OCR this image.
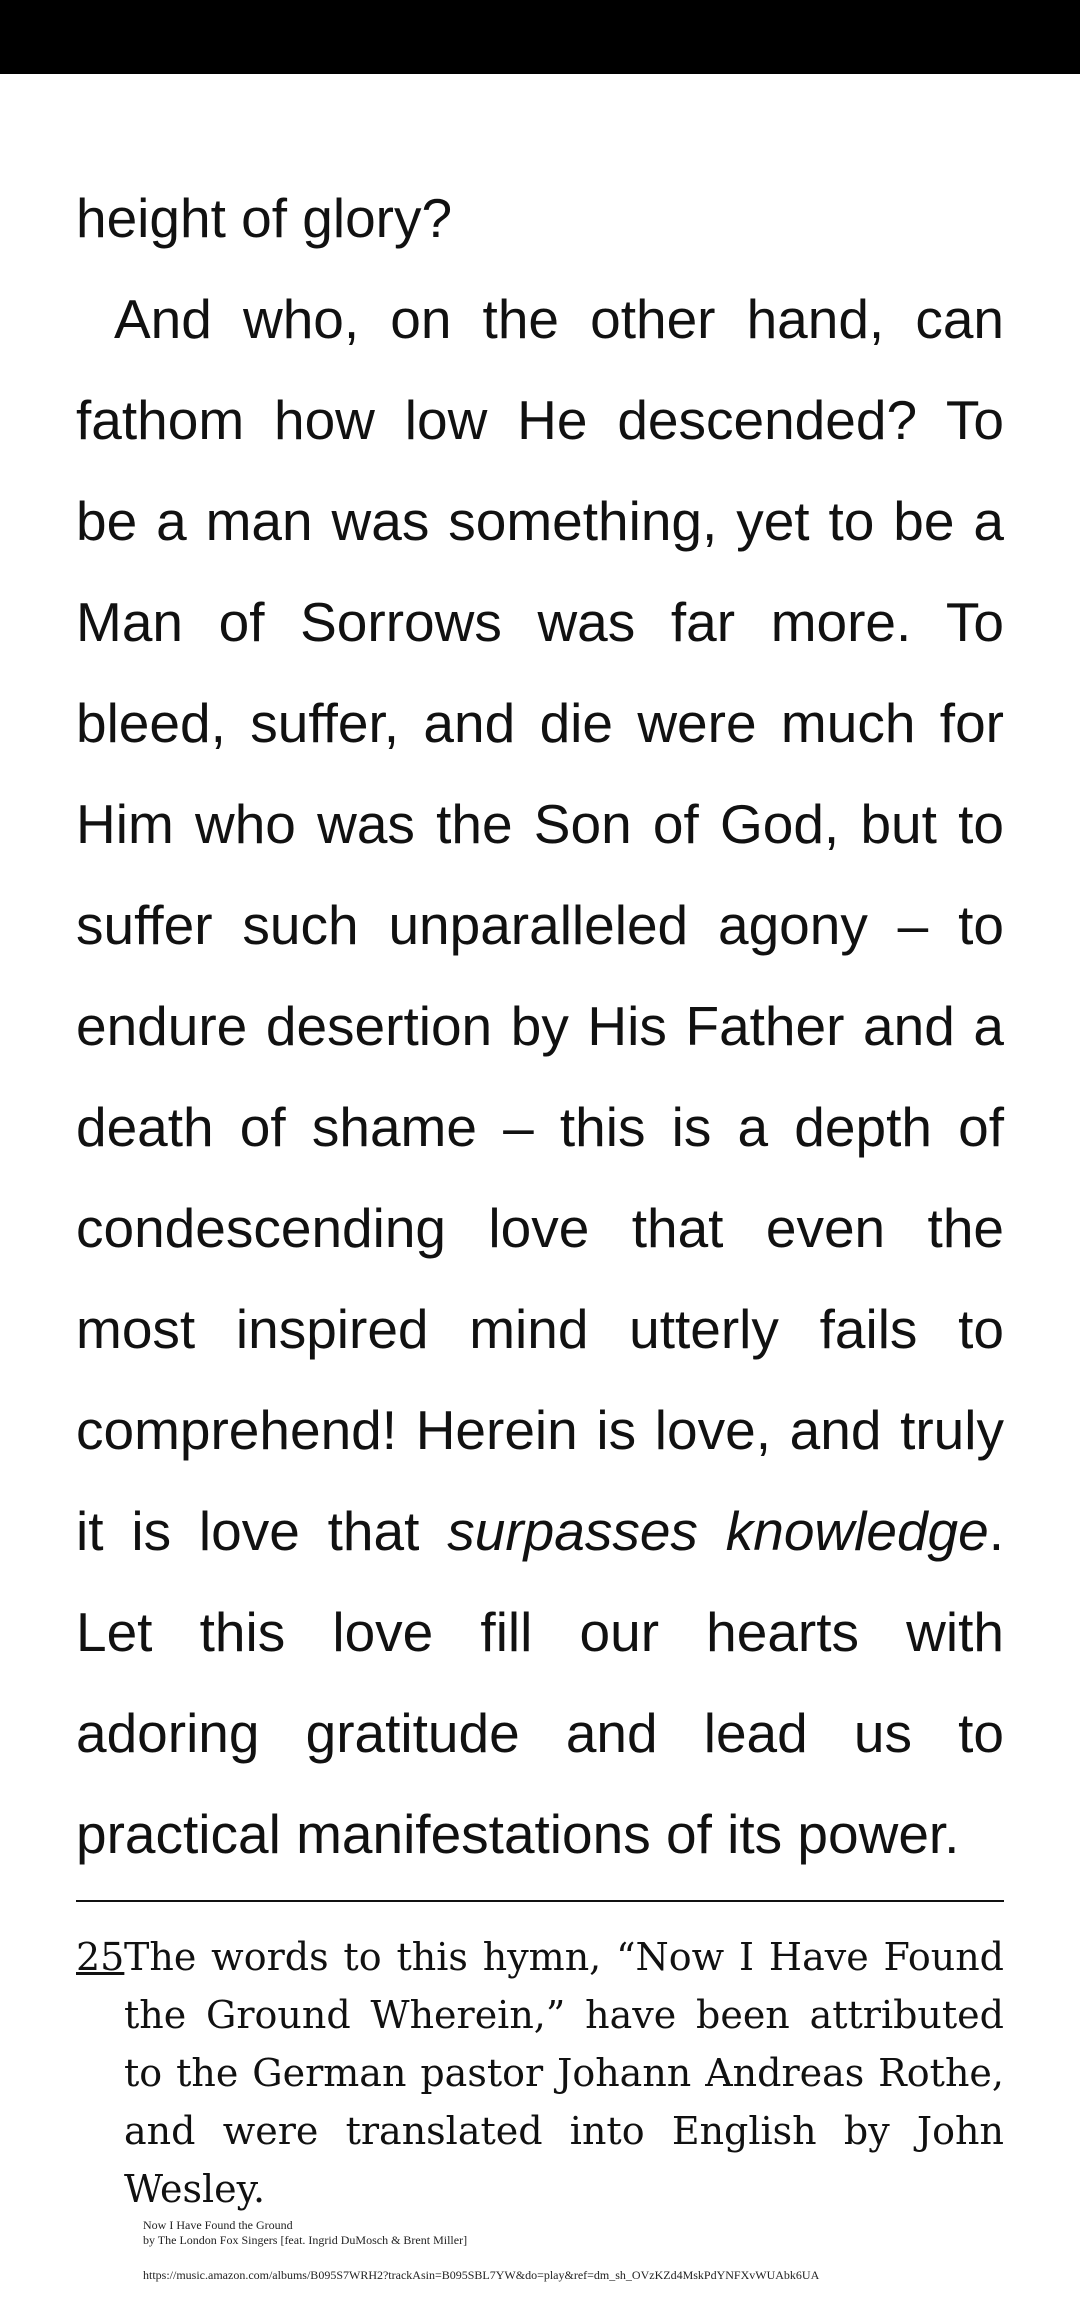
height of glory?

And who, on the other hand, can fathom how low He descended? To be a man was something, yet to be a Man of Sorrows was far more. To bleed, suffer, and die were much for Him who was the Son of God, but to suffer such unparalleled agony – to endure desertion by His Father and a death of shame – this is a depth of condescending love that even the most inspired mind utterly fails to comprehend! Herein is love, and truly it is love that surpasses knowledge. Let this love fill our hearts with adoring gratitude and lead us to practical manifestations of its power.

25The words to this hymn, “Now I Have Found the Ground Wherein,” have been attributed to the German pastor Johann Andreas Rothe, and were translated into English by John Wesley.
Now I Have Found the Ground
by The London Fox Singers [feat. Ingrid DuMosch & Brent Miller]
https://music.amazon.com/albums/B095S7WRH2?trackAsin=B095SBL7YW&do=play&ref=dm_sh_OVzKZd4MskPdYNFXvWUAbk6UA
